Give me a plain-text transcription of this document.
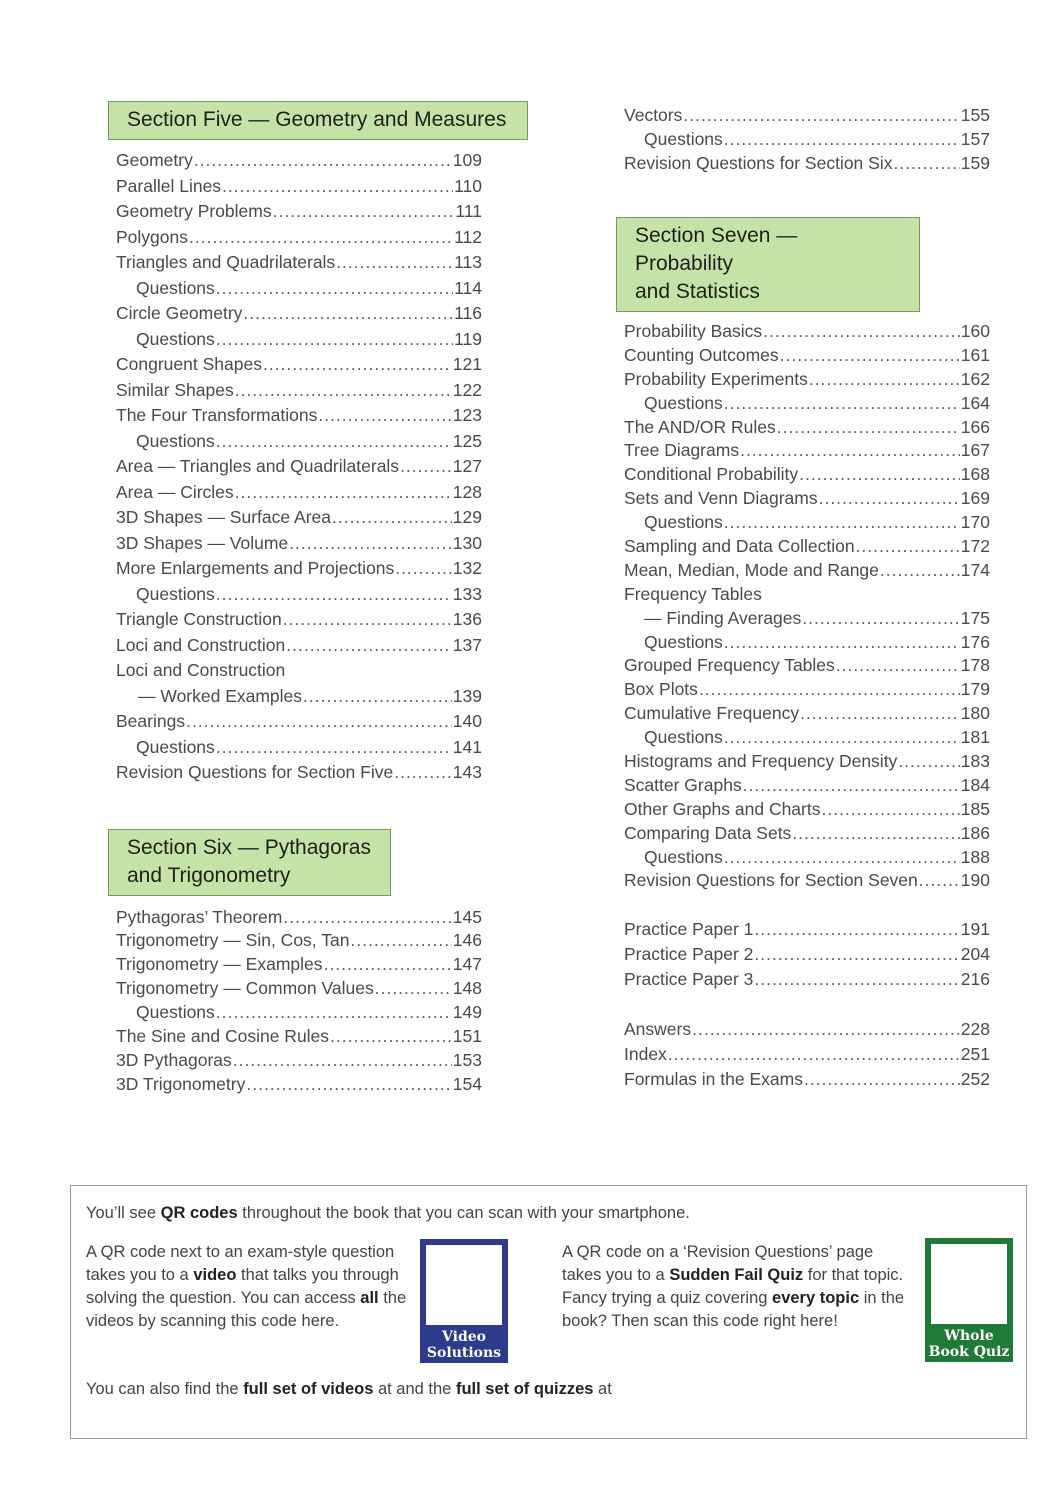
Section Five — Geometry and Measures
Geometry .....	109
Parallel Lines .....	110
Geometry Problems .....	111
Polygons .....	112
Triangles and Quadrilaterals .....	113
Questions .....	114
Circle Geometry .....	116
Questions .....	119
Congruent Shapes .....	121
Similar Shapes .....	122
The Four Transformations .....	123
Questions .....	125
Area — Triangles and Quadrilaterals .....	127
Area — Circles .....	128
3D Shapes — Surface Area .....	129
3D Shapes — Volume .....	130
More Enlargements and Projections .....	132
Questions .....	133
Triangle Construction .....	136
Loci and Construction .....	137
Loci and Construction
— Worked Examples .....	139
Bearings .....	140
Questions .....	141
Revision Questions for Section Five .....	143
Section Six — Pythagoras
and Trigonometry
Pythagoras’ Theorem .....	145
Trigonometry — Sin, Cos, Tan .....	146
Trigonometry — Examples .....	147
Trigonometry — Common Values .....	148
Questions .....	149
The Sine and Cosine Rules .....	151
3D Pythagoras .....	153
3D Trigonometry .....	154
Vectors .....	155
Questions .....	157
Revision Questions for Section Six .....	159
Section Seven — Probability
and Statistics
Probability Basics .....	160
Counting Outcomes .....	161
Probability Experiments .....	162
Questions .....	164
The AND/OR Rules .....	166
Tree Diagrams .....	167
Conditional Probability .....	168
Sets and Venn Diagrams .....	169
Questions .....	170
Sampling and Data Collection .....	172
Mean, Median, Mode and Range .....	174
Frequency Tables
— Finding Averages .....	175
Questions .....	176
Grouped Frequency Tables .....	178
Box Plots .....	179
Cumulative Frequency .....	180
Questions .....	181
Histograms and Frequency Density .....	183
Scatter Graphs .....	184
Other Graphs and Charts .....	185
Comparing Data Sets .....	186
Questions .....	188
Revision Questions for Section Seven ..... 190
Practice Paper 1 .....	191
Practice Paper 2 .....	204
Practice Paper 3 .....	216
Answers .....	228
Index .....	251
Formulas in the Exams .....	252
You’ll see QR codes throughout the book that you can scan with your smartphone.
A QR code next to an exam-style question takes you to a video that talks you through solving the question. You can access all the videos by scanning this code here.
Video
Solutions
A QR code on a ‘Revision Questions’ page takes you to a Sudden Fail Quiz for that topic. Fancy trying a quiz covering every topic in the book? Then scan this code right here!
Whole
Book Quiz
You can also find the full set of videos at and the full set of quizzes at
